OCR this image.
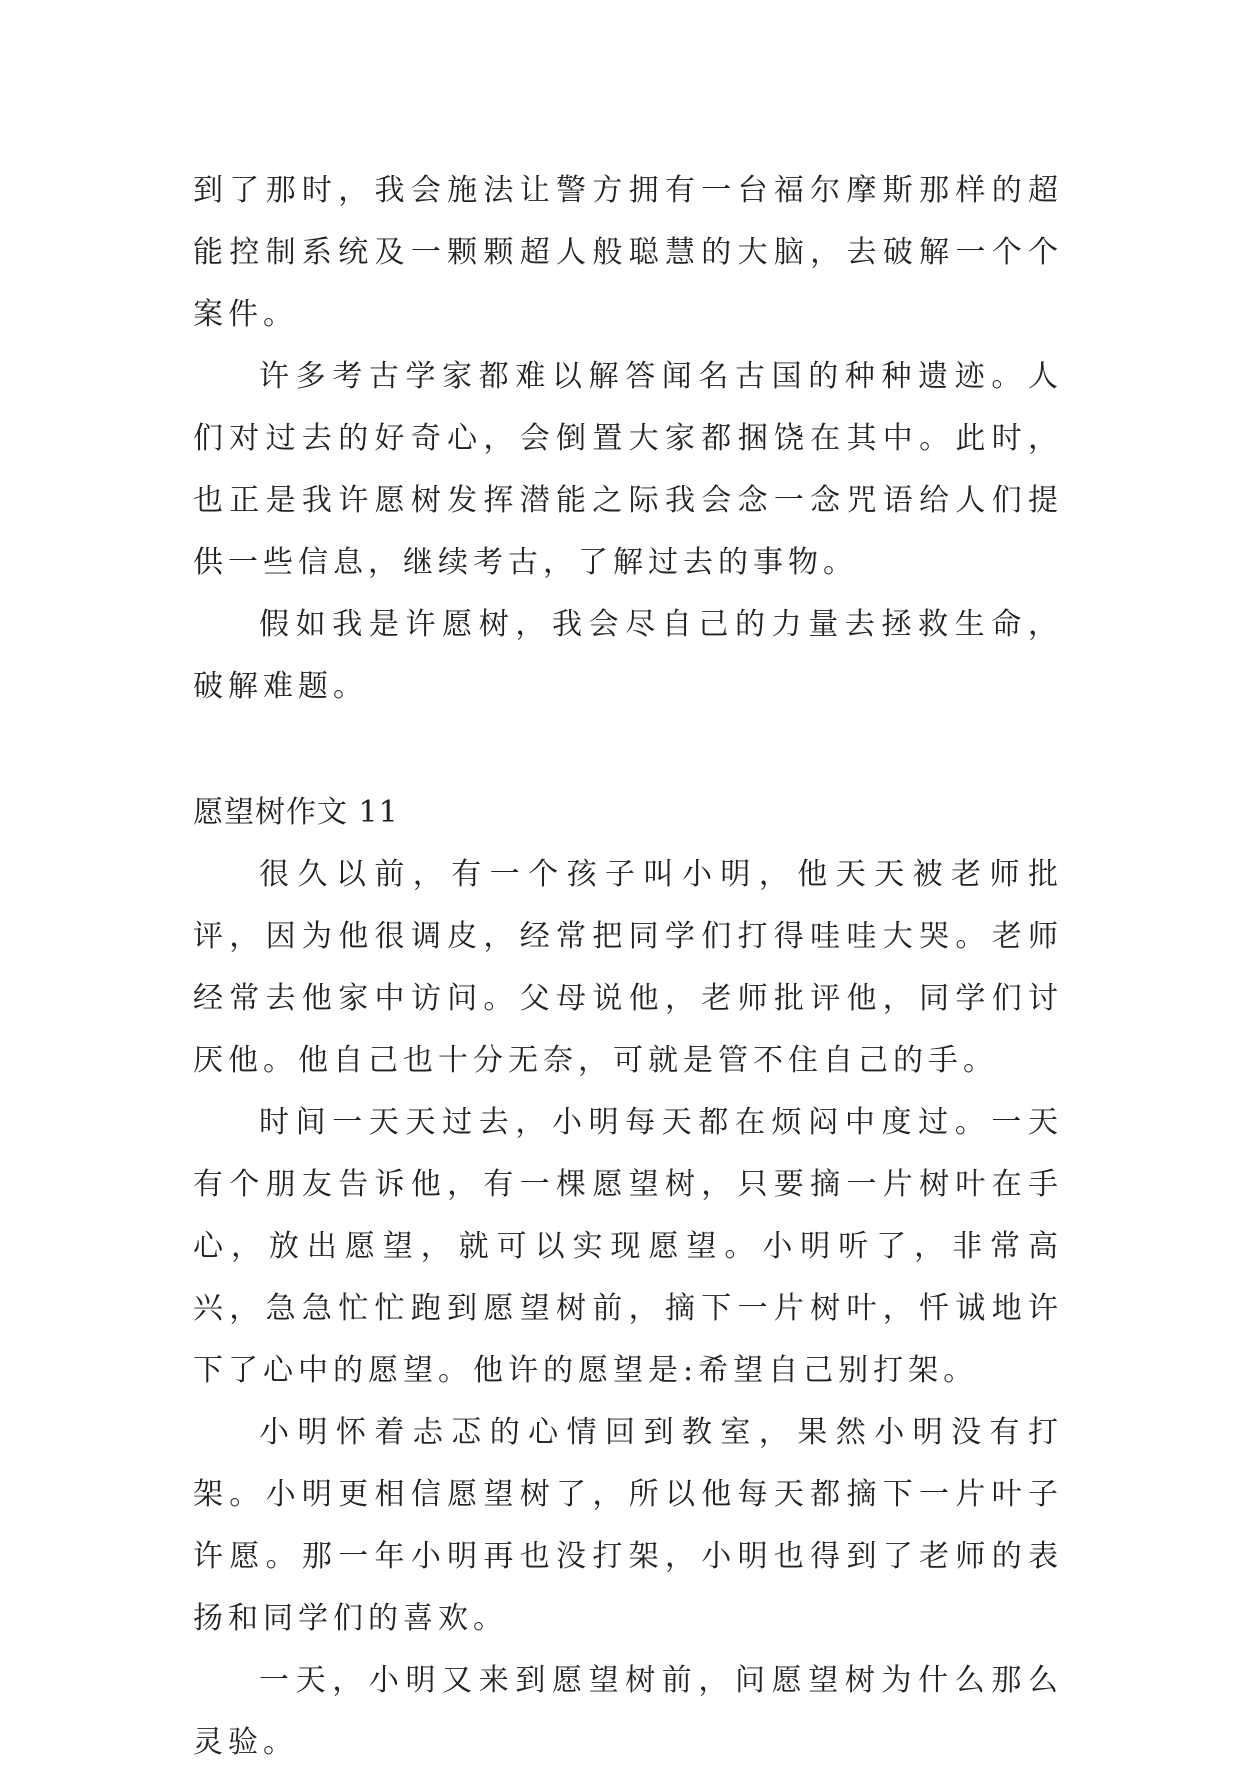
到了那时，我会施法让警方拥有一台福尔摩斯那样的超能控制系统及一颗颗超人般聪慧的大脑，去破解一个个案件。

许多考古学家都难以解答闻名古国的种种遗迹。人们对过去的好奇心，会倒置大家都捆饶在其中。此时，也正是我许愿树发挥潜能之际我会念一念咒语给人们提供一些信息，继续考古，了解过去的事物。

假如我是许愿树，我会尽自己的力量去拯救生命，破解难题。

愿望树作文 11

很久以前，有一个孩子叫小明，他天天被老师批评，因为他很调皮，经常把同学们打得哇哇大哭。老师经常去他家中访问。父母说他，老师批评他，同学们讨厌他。他自己也十分无奈，可就是管不住自己的手。

时间一天天过去，小明每天都在烦闷中度过。一天有个朋友告诉他，有一棵愿望树，只要摘一片树叶在手心，放出愿望，就可以实现愿望。小明听了，非常高兴，急急忙忙跑到愿望树前，摘下一片树叶，忏诚地许下了心中的愿望。他许的愿望是:希望自己别打架。

小明怀着忐忑的心情回到教室，果然小明没有打架。小明更相信愿望树了，所以他每天都摘下一片叶子许愿。那一年小明再也没打架，小明也得到了老师的表扬和同学们的喜欢。

一天，小明又来到愿望树前，问愿望树为什么那么灵验。
